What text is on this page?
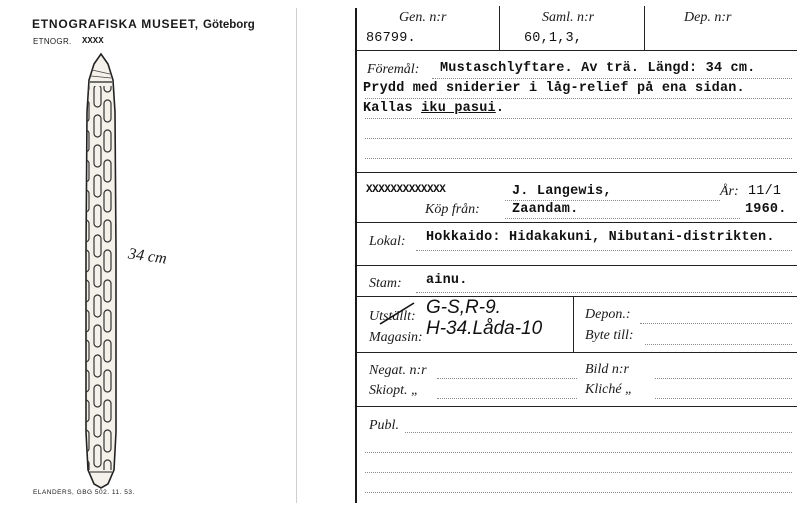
ETNOGRAFISKA MUSEET, Göteborg
ETNOGR. XXXX
34 cm
ELANDERS, GBG 502. 11. 53.
Gen. n:r	Saml. n:r	Dep. n:r
86799.	60,1,3,
Föremål: Mustaschlyftare. Av trä. Längd: 34 cm.
Prydd med sniderier i låg-relief på ena sidan.
Kallas iku pasui.
XXXXXXXXXXXXX	J. Langewis,	År: 11/1
Köp från: Zaandam.	1960.
Lokal: Hokkaido: Hidakakuni, Nibutani-distrikten.
Stam: ainu.
Utställt: G-S,R-9.
Magasin: H-34.Låda-10
Depon.:
Byte till:
Negat. n:r	Bild n:r
Skiopt. „	Kliché „
Publ.
